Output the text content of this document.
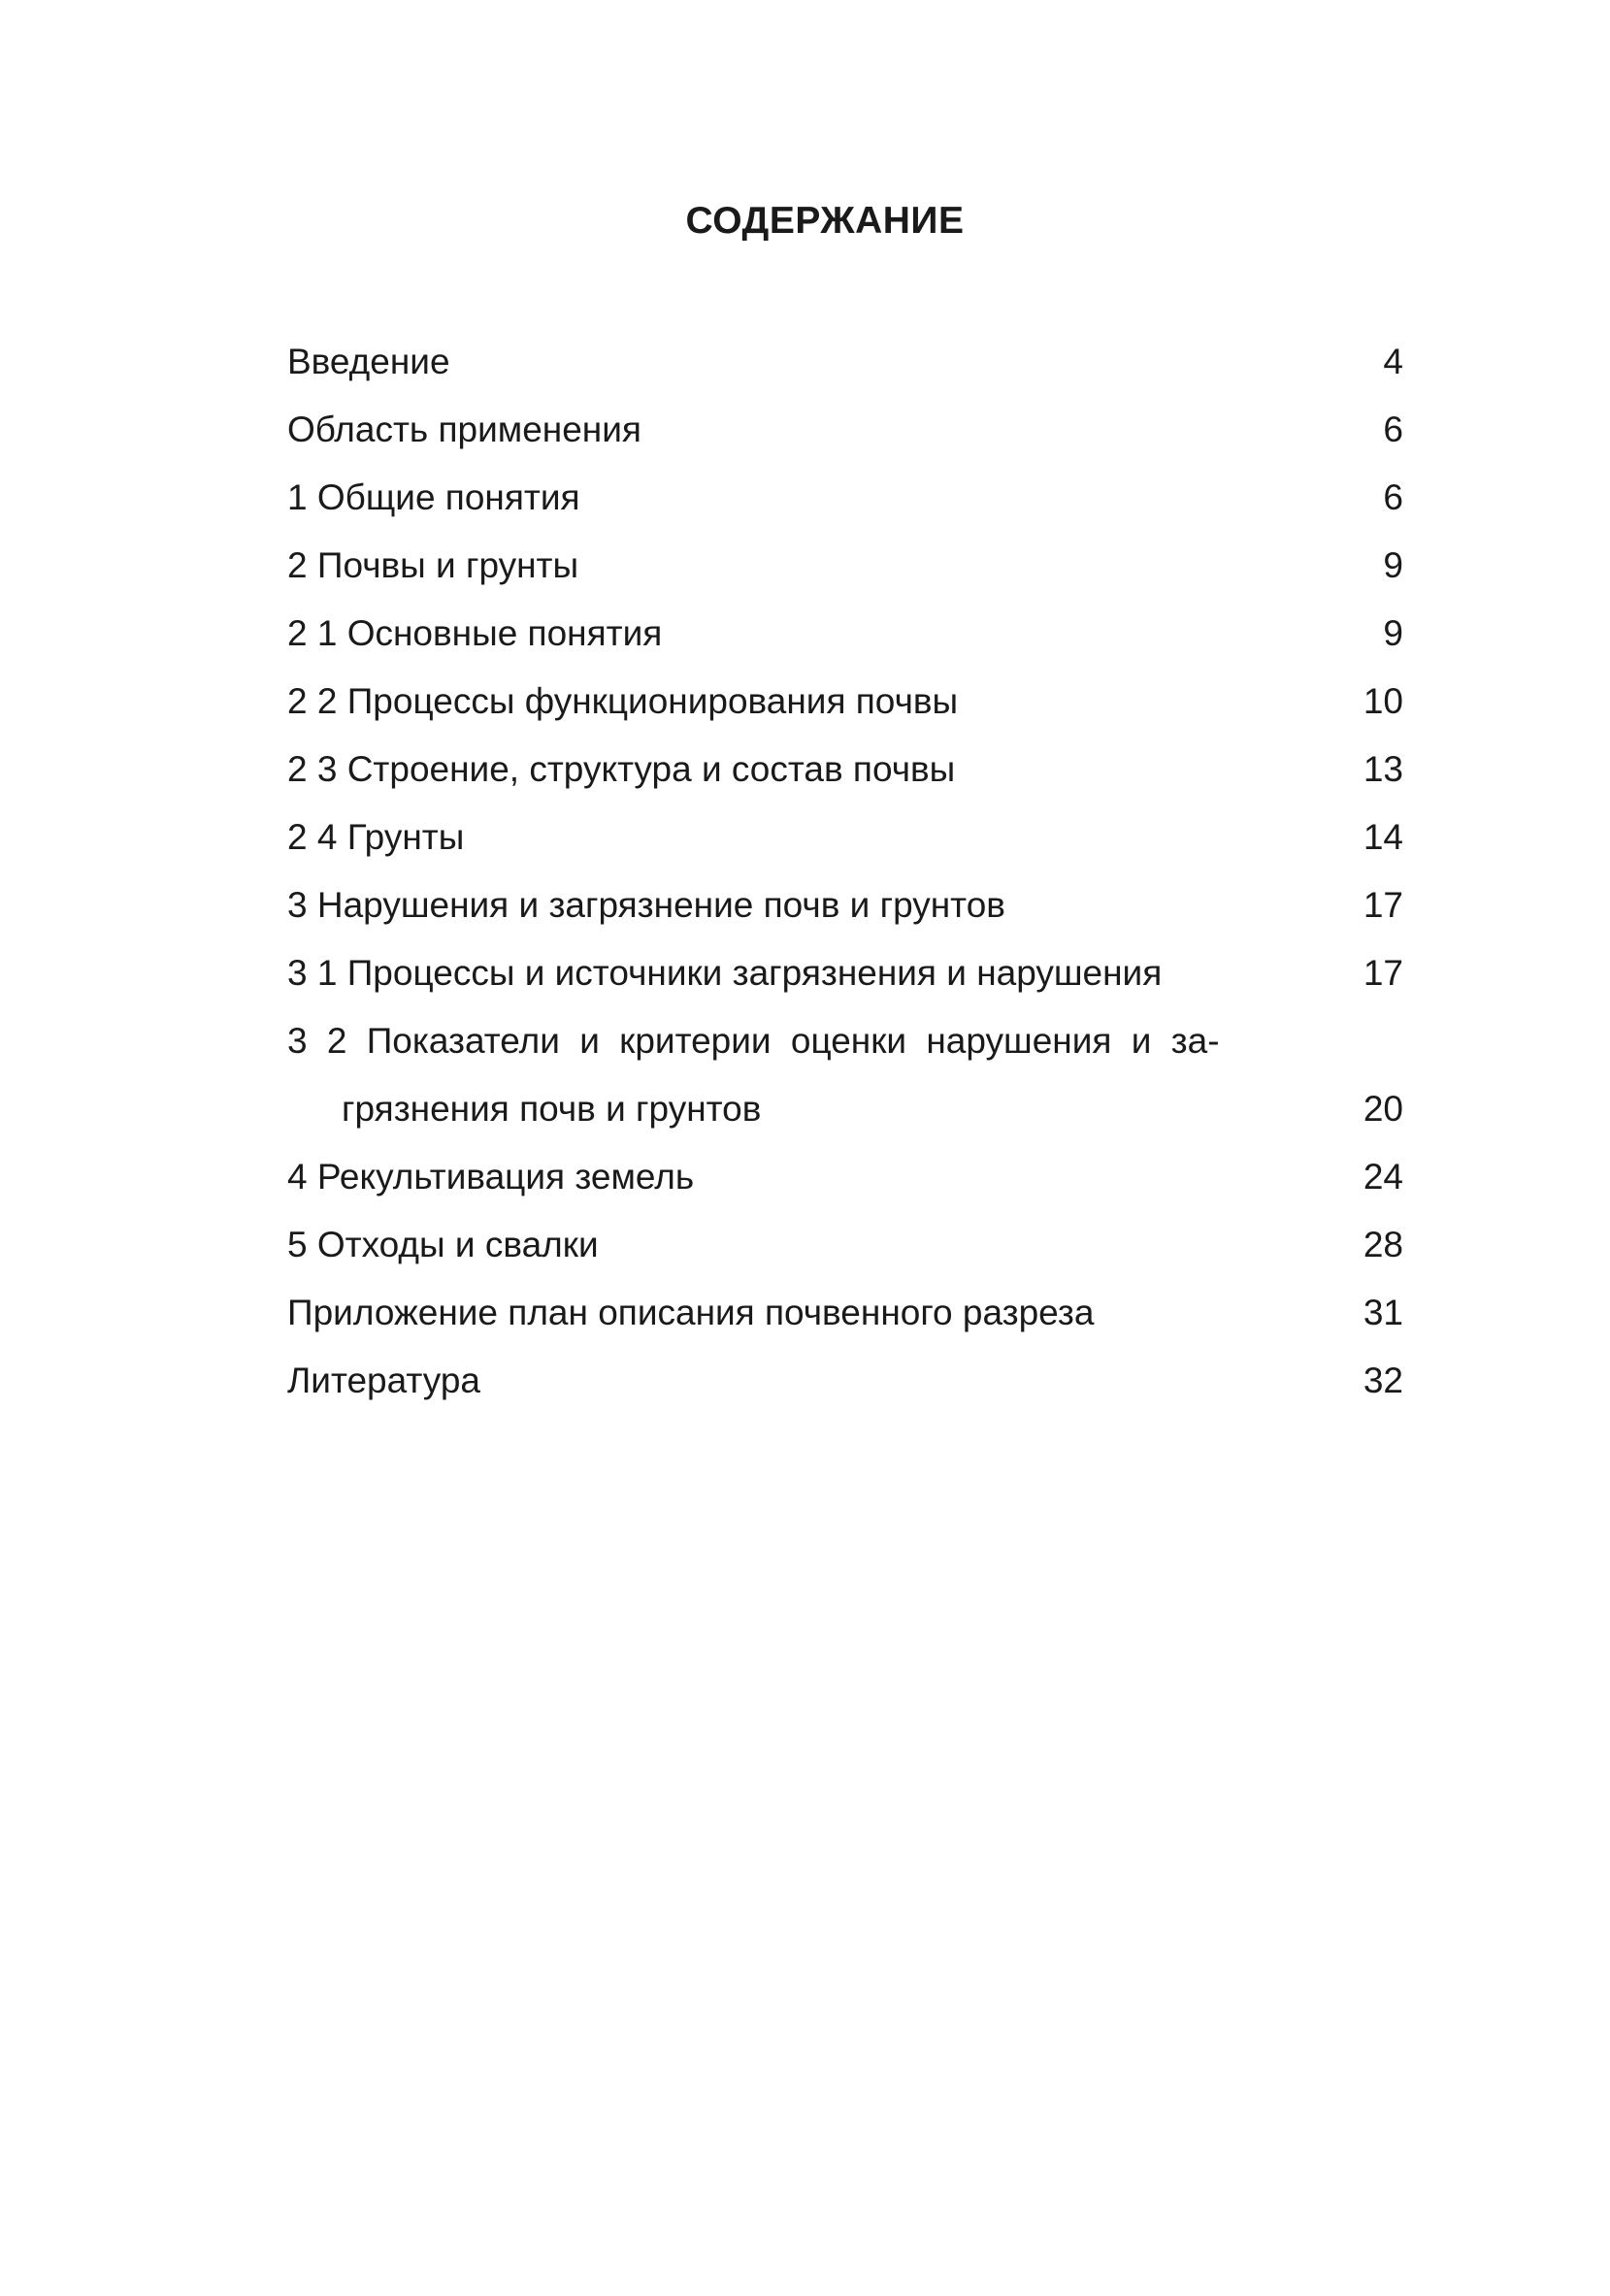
СОДЕРЖАНИЕ
Введение	4
Область применения	6
1 Общие понятия	6
2 Почвы и грунты	9
2 1 Основные понятия	9
2 2 Процессы функционирования почвы	10
2 3 Строение, структура и состав почвы	13
2 4 Грунты	14
3 Нарушения и загрязнение почв и грунтов	17
3 1 Процессы и источники загрязнения и нарушения	17
3 2 Показатели и критерии оценки нарушения и за-
грязнения почв и грунтов	20
4 Рекультивация земель	24
5 Отходы и свалки	28
Приложение план описания почвенного разреза	31
Литература	32
